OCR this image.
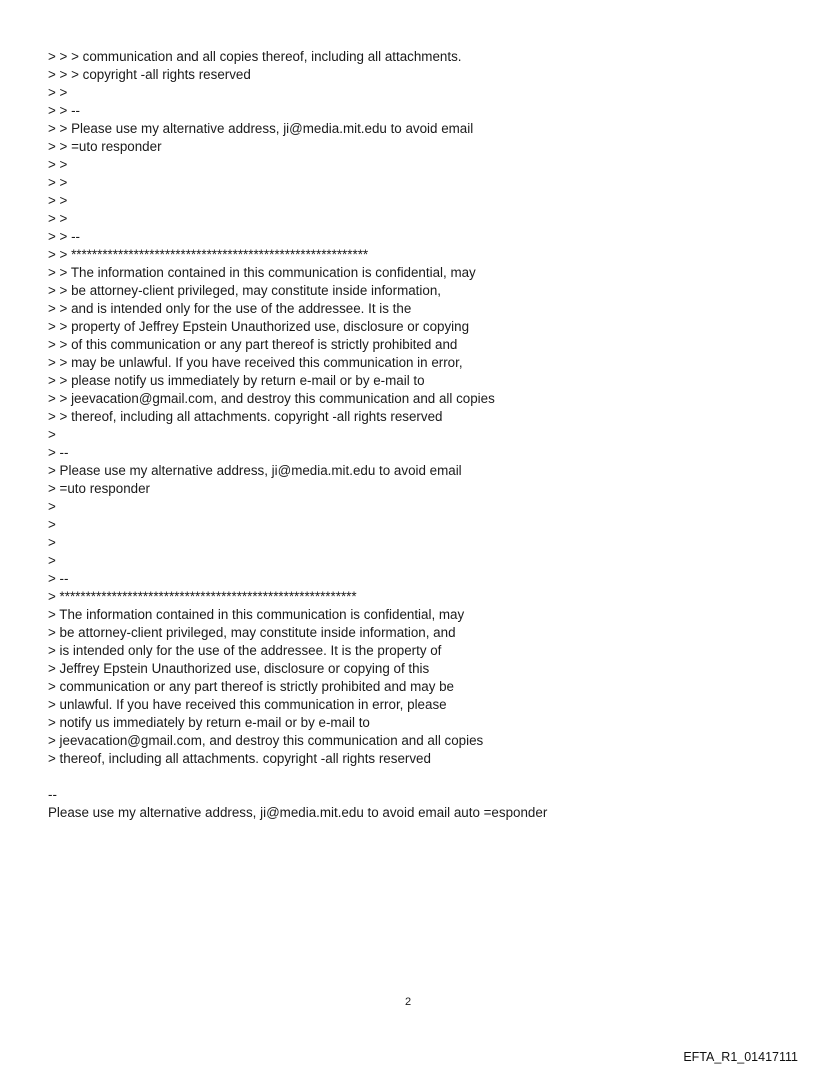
> > > communication and all copies thereof, including all attachments.
> > > copyright -all rights reserved
> >
> > --
> > Please use my alternative address, ji@media.mit.edu to avoid email
> > =uto responder
> >
> >
> >
> >
> > --
> > *********************************************************
> > The information contained in this communication is confidential, may
> > be attorney-client privileged, may constitute inside information,
> > and is intended only for the use of the addressee. It is the
> > property of Jeffrey Epstein Unauthorized use, disclosure or copying
> > of this communication or any part thereof is strictly prohibited and
> > may be unlawful. If you have received this communication in error,
> > please notify us immediately by return e-mail or by e-mail to
> > jeevacation@gmail.com, and destroy this communication and all copies
> > thereof, including all attachments. copyright -all rights reserved
>
> --
> Please use my alternative address, ji@media.mit.edu to avoid email
> =uto responder
>
>
>
>
> --
> *********************************************************
> The information contained in this communication is confidential, may
> be attorney-client privileged, may constitute inside information, and
> is intended only for the use of the addressee. It is the property of
> Jeffrey Epstein Unauthorized use, disclosure or copying of this
> communication or any part thereof is strictly prohibited and may be
> unlawful. If you have received this communication in error, please
> notify us immediately by return e-mail or by e-mail to
> jeevacation@gmail.com, and destroy this communication and all copies
> thereof, including all attachments. copyright -all rights reserved
--
Please use my alternative address, ji@media.mit.edu to avoid email auto =esponder
2
EFTA_R1_01417111
